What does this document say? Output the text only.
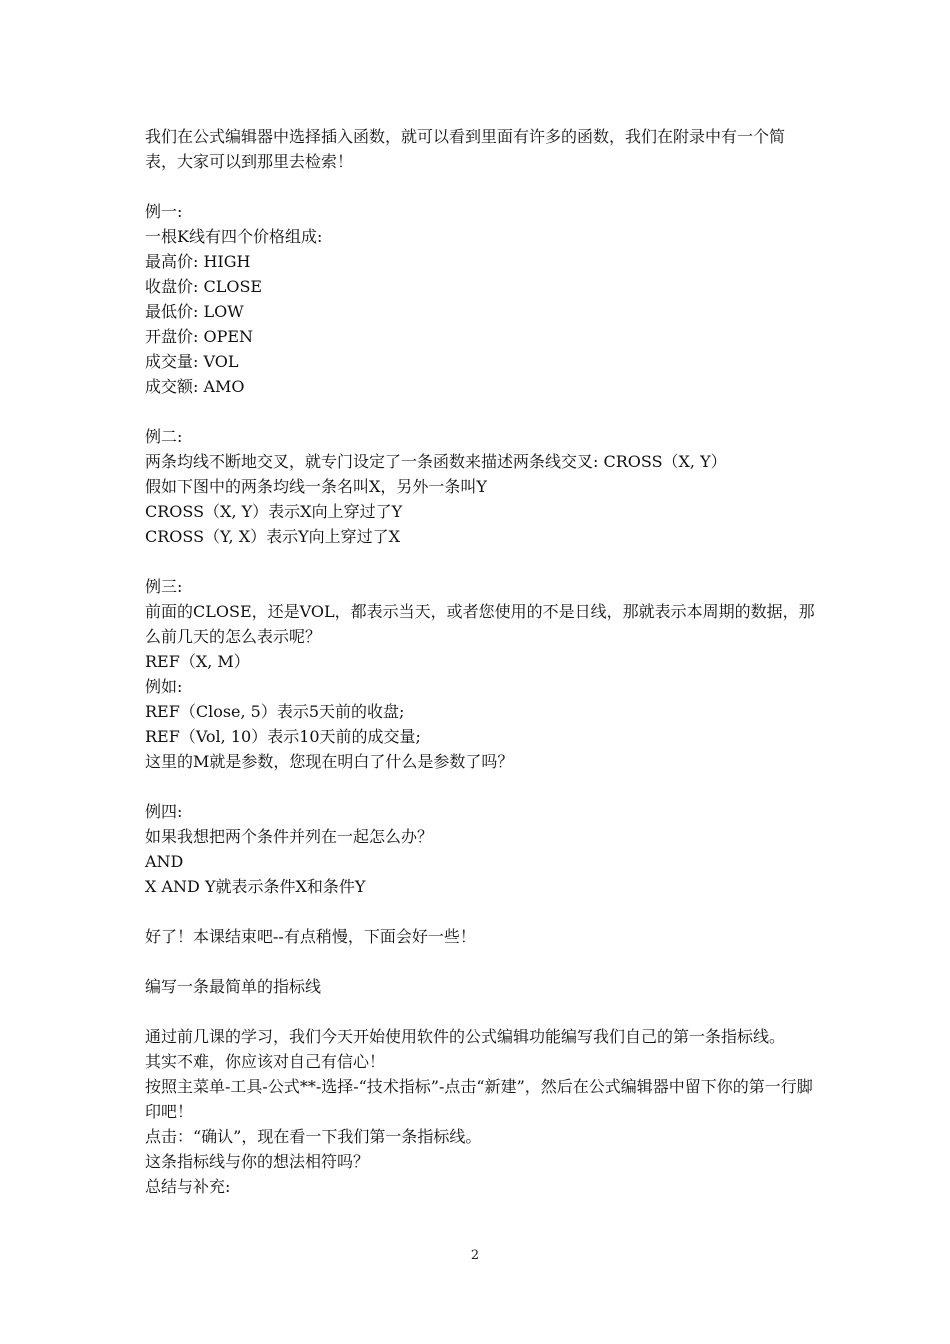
我们在公式编辑器中选择插入函数，就可以看到里面有许多的函数，我们在附录中有一个简表，大家可以到那里去检索！

例一:

一根K线有四个价格组成:

最高价: HIGH

收盘价: CLOSE

最低价: LOW

开盘价: OPEN

成交量: VOL

成交额: AMO

例二:

两条均线不断地交叉，就专门设定了一条函数来描述两条线交叉: CROSS（X, Y）

假如下图中的两条均线一条名叫X，另外一条叫Y

CROSS（X, Y）表示X向上穿过了Y

CROSS（Y, X）表示Y向上穿过了X

例三:

前面的CLOSE，还是VOL，都表示当天，或者您使用的不是日线，那就表示本周期的数据，那么前几天的怎么表示呢？

REF（X, M）

例如:

REF（Close, 5）表示5天前的收盘;

REF（Vol, 10）表示10天前的成交量;

这里的M就是参数，您现在明白了什么是参数了吗？

例四:

如果我想把两个条件并列在一起怎么办？

AND

X AND Y就表示条件X和条件Y

好了！本课结束吧--有点稍慢，下面会好一些！

编写一条最简单的指标线

通过前几课的学习，我们今天开始使用软件的公式编辑功能编写我们自己的第一条指标线。

其实不难，你应该对自己有信心！

按照主菜单-工具-公式**-选择-“技术指标”-点击“新建”，然后在公式编辑器中留下你的第一行脚印吧！

点击：“确认”，现在看一下我们第一条指标线。

这条指标线与你的想法相符吗？

总结与补充:

2
